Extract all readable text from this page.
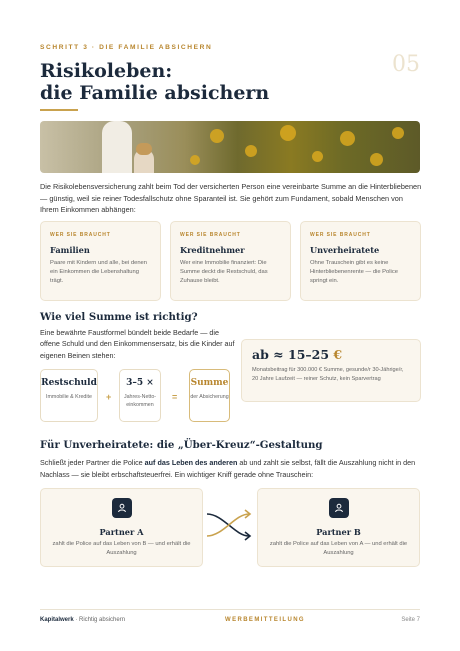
SCHRITT 3 · DIE FAMILIE ABSICHERN
05
Risikoleben:
die Familie absichern

Die Risikolebensversicherung zahlt beim Tod der versicherten Person eine vereinbarte Summe an die Hinterbliebenen — günstig, weil sie reiner Todesfallschutz ohne Sparanteil ist. Sie gehört zum Fundament, sobald Menschen von Ihrem Einkommen abhängen:

WER SIE BRAUCHT
Familien
Paare mit Kindern und alle, bei denen ein Einkommen die Lebenshaltung trägt.
WER SIE BRAUCHT
Kreditnehmer
Wer eine Immobilie finanziert: Die Summe deckt die Restschuld, das Zuhause bleibt.
WER SIE BRAUCHT
Unverheiratete
Ohne Trauschein gibt es keine Hinterbliebenenrente — die Police springt ein.
Wie viel Summe ist richtig?

Eine bewährte Faustformel bündelt beide Bedarfe — die offene Schuld und den Einkommensersatz, bis die Kinder auf eigenen Beinen stehen:

Restschuld
Immobilie & Kredite	+
3–5 ×
Jahres-Netto-einkommen
=
Summe
der Absicherung
ab ≈ 15–25 €
Monatsbeitrag für 300.000 € Summe, gesunde/r 30-Jährige/r, 20 Jahre Laufzeit — reiner Schutz, kein Sparvertrag
Für Unverheiratete: die „Über-Kreuz“-Gestaltung

Schließt jeder Partner die Police auf das Leben des anderen ab und zahlt sie selbst, fällt die Auszahlung nicht in den Nachlass — sie bleibt erbschaftsteuerfrei. Ein wichtiger Kniff gerade ohne Trauschein:

Partner A
zahlt die Police auf das Leben von B — und erhält die Auszahlung
Partner B
zahlt die Police auf das Leben von A — und erhält die Auszahlung
Kapitalwerk · Richtig absichern	WERBEMITTEILUNG	Seite 7
